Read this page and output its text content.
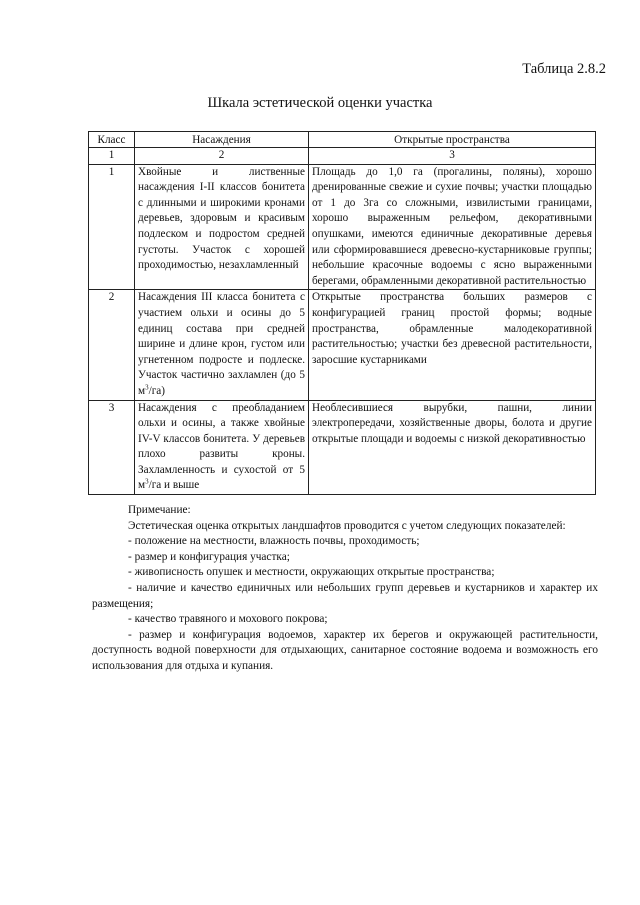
Таблица 2.8.2
Шкала эстетической оценки участка
Класс	Насаждения	Открытые пространства
1	2	3
1	Хвойные и лиственные насаждения I-II классов бонитета с длинными и широкими кронами деревьев, здоровым и красивым подлеском и подростом средней густоты. Участок с хорошей проходимостью, незахламленный	Площадь до 1,0 га (прогалины, поляны), хорошо дренированные свежие и сухие почвы; участки площадью от 1 до 3га со сложными, извилистыми границами, хорошо выраженным рельефом, декоративными опушками, имеются единичные декоративные деревья или сформировавшиеся древесно-кустарниковые группы; небольшие красочные водоемы с ясно выраженными берегами, обрамленными декоративной растительностью
2	Насаждения III класса бонитета с участием ольхи и осины до 5 единиц состава при средней ширине и длине крон, густом или угнетенном подросте и подлеске. Участок частично захламлен (до 5 $м^3/га$)	Открытые пространства больших размеров с конфигурацией границ простой формы; водные пространства, обрамленные малодекоративной растительностью; участки без древесной растительности, заросшие кустарниками
3	Насаждения с преобладанием ольхи и осины, а также хвойные IV-V классов бонитета. У деревьев плохо развиты кроны. Захламленность и сухостой от 5 $м^3/га$ и выше	Необлесившиеся вырубки, пашни, линии электропередачи, хозяйственные дворы, болота и другие открытые площади и водоемы с низкой декоративностью

Примечание:

Эстетическая оценка открытых ландшафтов проводится с учетом следующих показателей:

- положение на местности, влажность почвы, проходимость;

- размер и конфигурация участка;

- живописность опушек и местности, окружающих открытые пространства;

- наличие и качество единичных или небольших групп деревьев и кустарников и характер их размещения;

- качество травяного и мохового покрова;

- размер и конфигурация водоемов, характер их берегов и окружающей растительности, доступность водной поверхности для отдыхающих, санитарное состояние водоема и возможность его использования для отдыха и купания.
